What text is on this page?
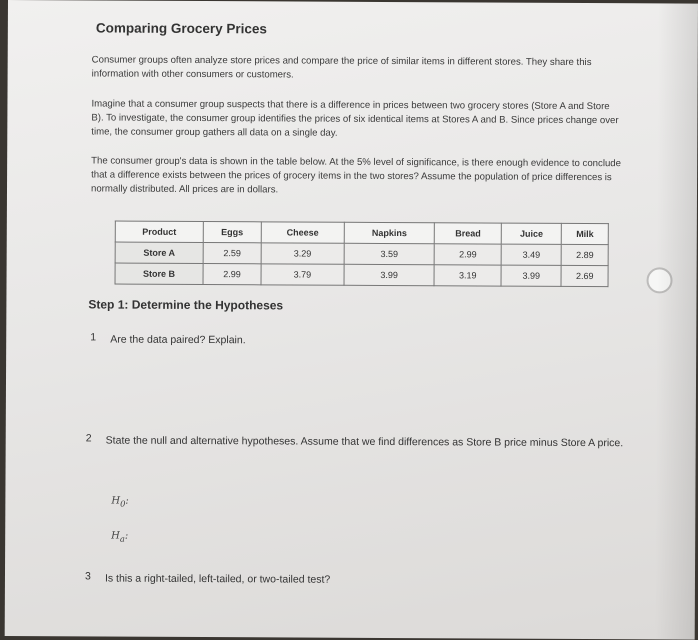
Comparing Grocery Prices
Consumer groups often analyze store prices and compare the price of similar items in different stores. They share this information with other consumers or customers.
Imagine that a consumer group suspects that there is a difference in prices between two grocery stores (Store A and Store B). To investigate, the consumer group identifies the prices of six identical items at Stores A and B. Since prices change over time, the consumer group gathers all data on a single day.
The consumer group's data is shown in the table below. At the 5% level of significance, is there enough evidence to conclude that a difference exists between the prices of grocery items in the two stores? Assume the population of price differences is normally distributed. All prices are in dollars.
Product	Eggs	Cheese	Napkins	Bread	Juice	Milk
Store A	2.59	3.29	3.59	2.99	3.49	2.89
Store B	2.99	3.79	3.99	3.19	3.99	2.69
Step 1: Determine the Hypotheses
1 Are the data paired? Explain.
2 State the null and alternative hypotheses. Assume that we find differences as Store B price minus Store A price.
$H_0$:
$H_a$:
3 Is this a right-tailed, left-tailed, or two-tailed test?
